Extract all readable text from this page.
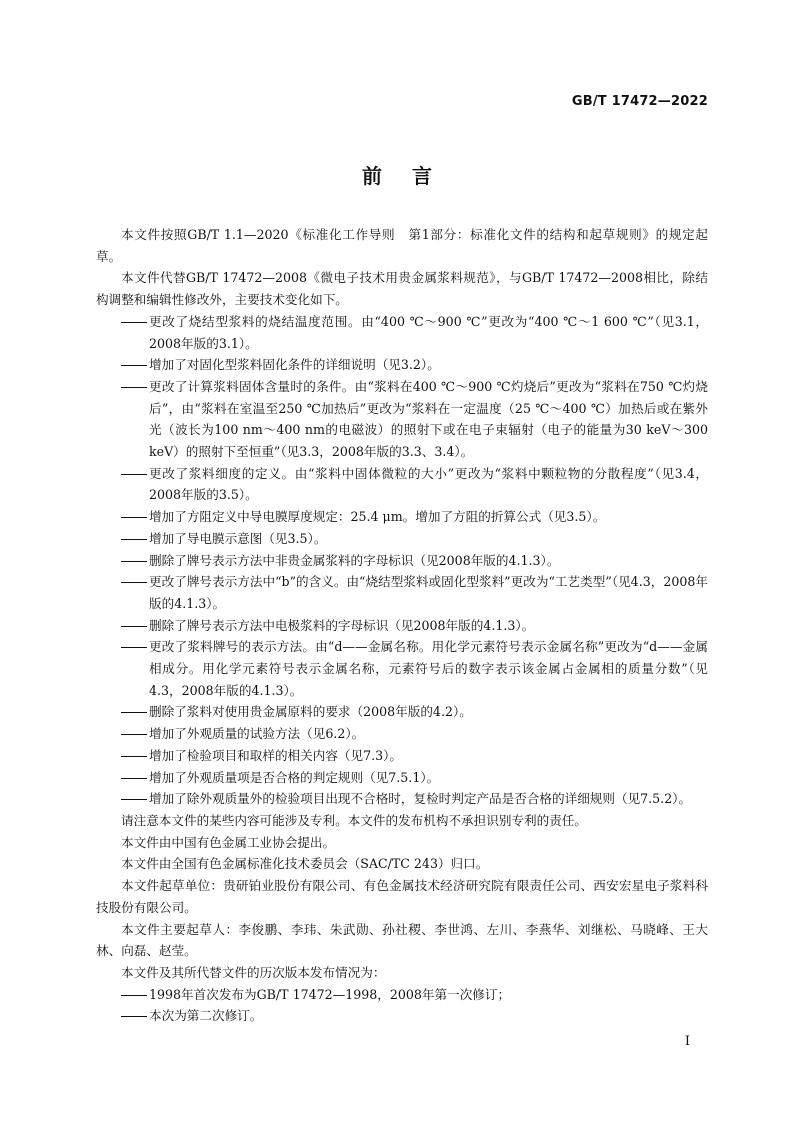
GB/T 17472—2022
前言

本文件按照GB/T 1.1—2020《标准化工作导则　第1部分：标准化文件的结构和起草规则》的规定起草。

本文件代替GB/T 17472—2008《微电子技术用贵金属浆料规范》，与GB/T 17472—2008相比，除结构调整和编辑性修改外，主要技术变化如下。

更改了烧结型浆料的烧结温度范围。由“400 ℃～900 ℃”更改为“400 ℃～1 600 ℃”（见3.1，2008年版的3.1）。

增加了对固化型浆料固化条件的详细说明（见3.2）。

更改了计算浆料固体含量时的条件。由“浆料在400 ℃～900 ℃灼烧后”更改为“浆料在750 ℃灼烧后”，由“浆料在室温至250 ℃加热后”更改为“浆料在一定温度（25 ℃～400 ℃）加热后或在紫外光（波长为100 nm～400 nm的电磁波）的照射下或在电子束辐射（电子的能量为30 keV～300 keV）的照射下至恒重”（见3.3，2008年版的3.3、3.4）。

更改了浆料细度的定义。由“浆料中固体微粒的大小”更改为“浆料中颗粒物的分散程度”（见3.4，2008年版的3.5）。

增加了方阻定义中导电膜厚度规定：25.4 μm。增加了方阻的折算公式（见3.5）。

增加了导电膜示意图（见3.5）。

删除了牌号表示方法中非贵金属浆料的字母标识（见2008年版的4.1.3）。

更改了牌号表示方法中“b”的含义。由“烧结型浆料或固化型浆料”更改为“工艺类型”（见4.3，2008年版的4.1.3）。

删除了牌号表示方法中电极浆料的字母标识（见2008年版的4.1.3）。

更改了浆料牌号的表示方法。由“d——金属名称。用化学元素符号表示金属名称”更改为“d——金属相成分。用化学元素符号表示金属名称，元素符号后的数字表示该金属占金属相的质量分数”（见4.3，2008年版的4.1.3）。

删除了浆料对使用贵金属原料的要求（2008年版的4.2）。

增加了外观质量的试验方法（见6.2）。

增加了检验项目和取样的相关内容（见7.3）。

增加了外观质量项是否合格的判定规则（见7.5.1）。

增加了除外观质量外的检验项目出现不合格时，复检时判定产品是否合格的详细规则（见7.5.2）。

请注意本文件的某些内容可能涉及专利。本文件的发布机构不承担识别专利的责任。

本文件由中国有色金属工业协会提出。

本文件由全国有色金属标准化技术委员会（SAC/TC 243）归口。

本文件起草单位：贵研铂业股份有限公司、有色金属技术经济研究院有限责任公司、西安宏星电子浆料科技股份有限公司。

本文件主要起草人：李俊鹏、李玮、朱武勋、孙社稷、李世鸿、左川、李燕华、刘继松、马晓峰、王大林、向磊、赵莹。

本文件及其所代替文件的历次版本发布情况为：

1998年首次发布为GB/T 17472—1998，2008年第一次修订；

本次为第二次修订。

I
